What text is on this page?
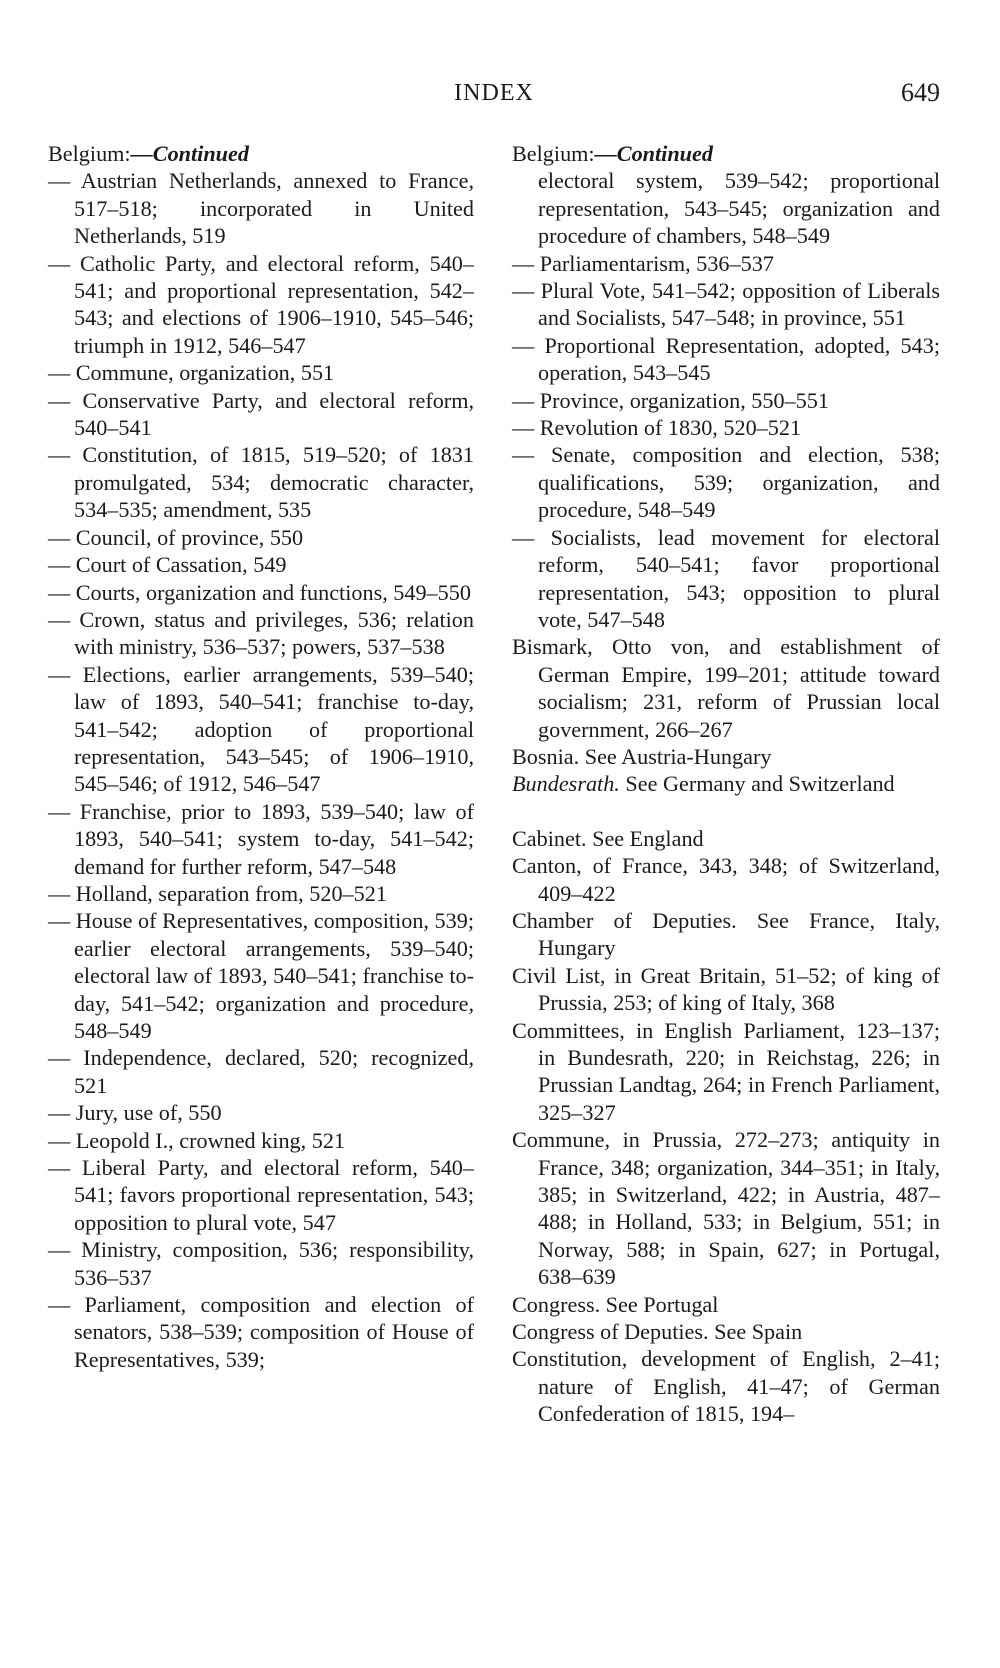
INDEX	649

Belgium:—Continued

— Austrian Netherlands, annexed to France, 517–518; incorporated in United Netherlands, 519

— Catholic Party, and electoral reform, 540–541; and proportional representation, 542–543; and elections of 1906–1910, 545–546; triumph in 1912, 546–547

— Commune, organization, 551

— Conservative Party, and electoral reform, 540–541

— Constitution, of 1815, 519–520; of 1831 promulgated, 534; democratic character, 534–535; amendment, 535

— Council, of province, 550

— Court of Cassation, 549

— Courts, organization and functions, 549–550

— Crown, status and privileges, 536; relation with ministry, 536–537; powers, 537–538

— Elections, earlier arrangements, 539–540; law of 1893, 540–541; franchise to-day, 541–542; adoption of proportional representation, 543–545; of 1906–1910, 545–546; of 1912, 546–547

— Franchise, prior to 1893, 539–540; law of 1893, 540–541; system to-day, 541–542; demand for further reform, 547–548

— Holland, separation from, 520–521

— House of Representatives, composition, 539; earlier electoral arrangements, 539–540; electoral law of 1893, 540–541; franchise to-day, 541–542; organization and procedure, 548–549

— Independence, declared, 520; recognized, 521

— Jury, use of, 550

— Leopold I., crowned king, 521

— Liberal Party, and electoral reform, 540–541; favors proportional representation, 543; opposition to plural vote, 547

— Ministry, composition, 536; responsibility, 536–537

— Parliament, composition and election of senators, 538–539; composition of House of Representatives, 539;

Belgium:—Continued

electoral system, 539–542; proportional representation, 543–545; organization and procedure of chambers, 548–549

— Parliamentarism, 536–537

— Plural Vote, 541–542; opposition of Liberals and Socialists, 547–548; in province, 551

— Proportional Representation, adopted, 543; operation, 543–545

— Province, organization, 550–551

— Revolution of 1830, 520–521

— Senate, composition and election, 538; qualifications, 539; organization, and procedure, 548–549

— Socialists, lead movement for electoral reform, 540–541; favor proportional representation, 543; opposition to plural vote, 547–548

Bismark, Otto von, and establishment of German Empire, 199–201; attitude toward socialism; 231, reform of Prussian local government, 266–267

Bosnia. See Austria-Hungary

Bundesrath. See Germany and Switzerland

Cabinet. See England

Canton, of France, 343, 348; of Switzerland, 409–422

Chamber of Deputies. See France, Italy, Hungary

Civil List, in Great Britain, 51–52; of king of Prussia, 253; of king of Italy, 368

Committees, in English Parliament, 123–137; in Bundesrath, 220; in Reichstag, 226; in Prussian Landtag, 264; in French Parliament, 325–327

Commune, in Prussia, 272–273; antiquity in France, 348; organization, 344–351; in Italy, 385; in Switzerland, 422; in Austria, 487–488; in Holland, 533; in Belgium, 551; in Norway, 588; in Spain, 627; in Portugal, 638–639

Congress. See Portugal

Congress of Deputies. See Spain

Constitution, development of English, 2–41; nature of English, 41–47; of German Confederation of 1815, 194–
